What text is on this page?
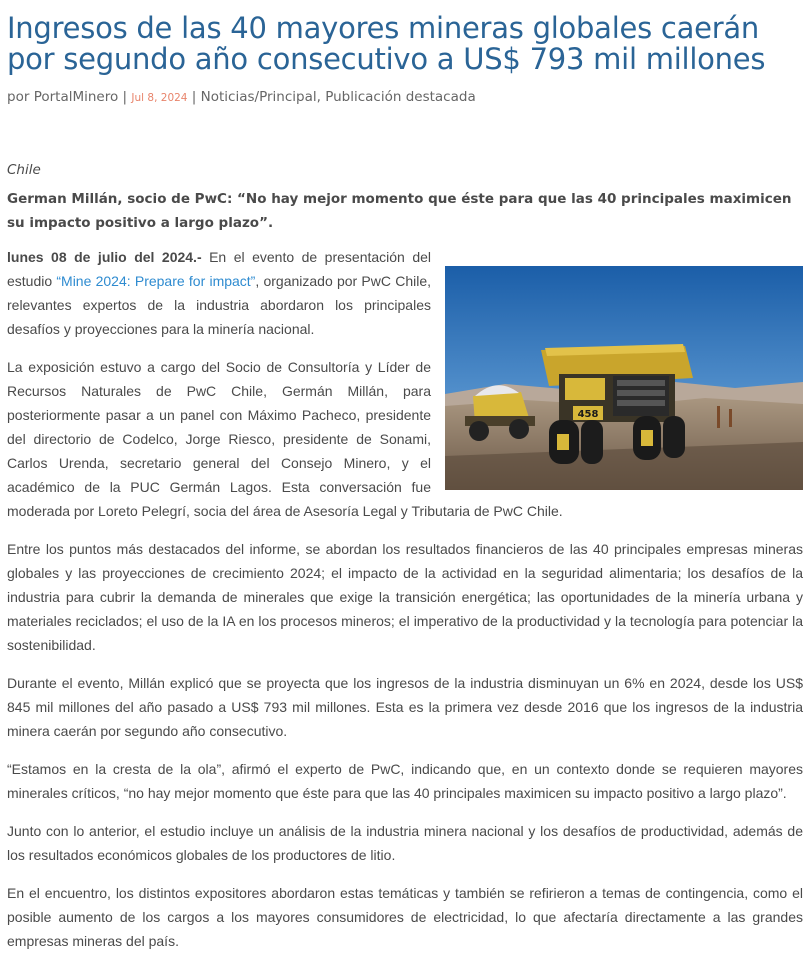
Ingresos de las 40 mayores mineras globales caerán por segundo año consecutivo a US$ 793 mil millones
por PortalMinero | Jul 8, 2024 | Noticias/Principal, Publicación destacada
Chile
German Millán, socio de PwC: “No hay mejor momento que éste para que las 40 principales maximicen su impacto positivo a largo plazo”.
458

lunes 08 de julio del 2024.- En el evento de presentación del estudio “Mine 2024: Prepare for impact”, organizado por PwC Chile, relevantes expertos de la industria abordaron los principales desafíos y proyecciones para la minería nacional.

La exposición estuvo a cargo del Socio de Consultoría y Líder de Recursos Naturales de PwC Chile, Germán Millán, para posteriormente pasar a un panel con Máximo Pacheco, presidente del directorio de Codelco, Jorge Riesco, presidente de Sonami, Carlos Urenda, secretario general del Consejo Minero, y el académico de la PUC Germán Lagos. Esta conversación fue moderada por Loreto Pelegrí, socia del área de Asesoría Legal y Tributaria de PwC Chile.

Entre los puntos más destacados del informe, se abordan los resultados financieros de las 40 principales empresas mineras globales y las proyecciones de crecimiento 2024; el impacto de la actividad en la seguridad alimentaria; los desafíos de la industria para cubrir la demanda de minerales que exige la transición energética; las oportunidades de la minería urbana y materiales reciclados; el uso de la IA en los procesos mineros; el imperativo de la productividad y la tecnología para potenciar la sostenibilidad.

Durante el evento, Millán explicó que se proyecta que los ingresos de la industria disminuyan un 6% en 2024, desde los US$ 845 mil millones del año pasado a US$ 793 mil millones. Esta es la primera vez desde 2016 que los ingresos de la industria minera caerán por segundo año consecutivo.

“Estamos en la cresta de la ola”, afirmó el experto de PwC, indicando que, en un contexto donde se requieren mayores minerales críticos, “no hay mejor momento que éste para que las 40 principales maximicen su impacto positivo a largo plazo”.

Junto con lo anterior, el estudio incluye un análisis de la industria minera nacional y los desafíos de productividad, además de los resultados económicos globales de los productores de litio.

En el encuentro, los distintos expositores abordaron estas temáticas y también se refirieron a temas de contingencia, como el posible aumento de los cargos a los mayores consumidores de electricidad, lo que afectaría directamente a las grandes empresas mineras del país.
